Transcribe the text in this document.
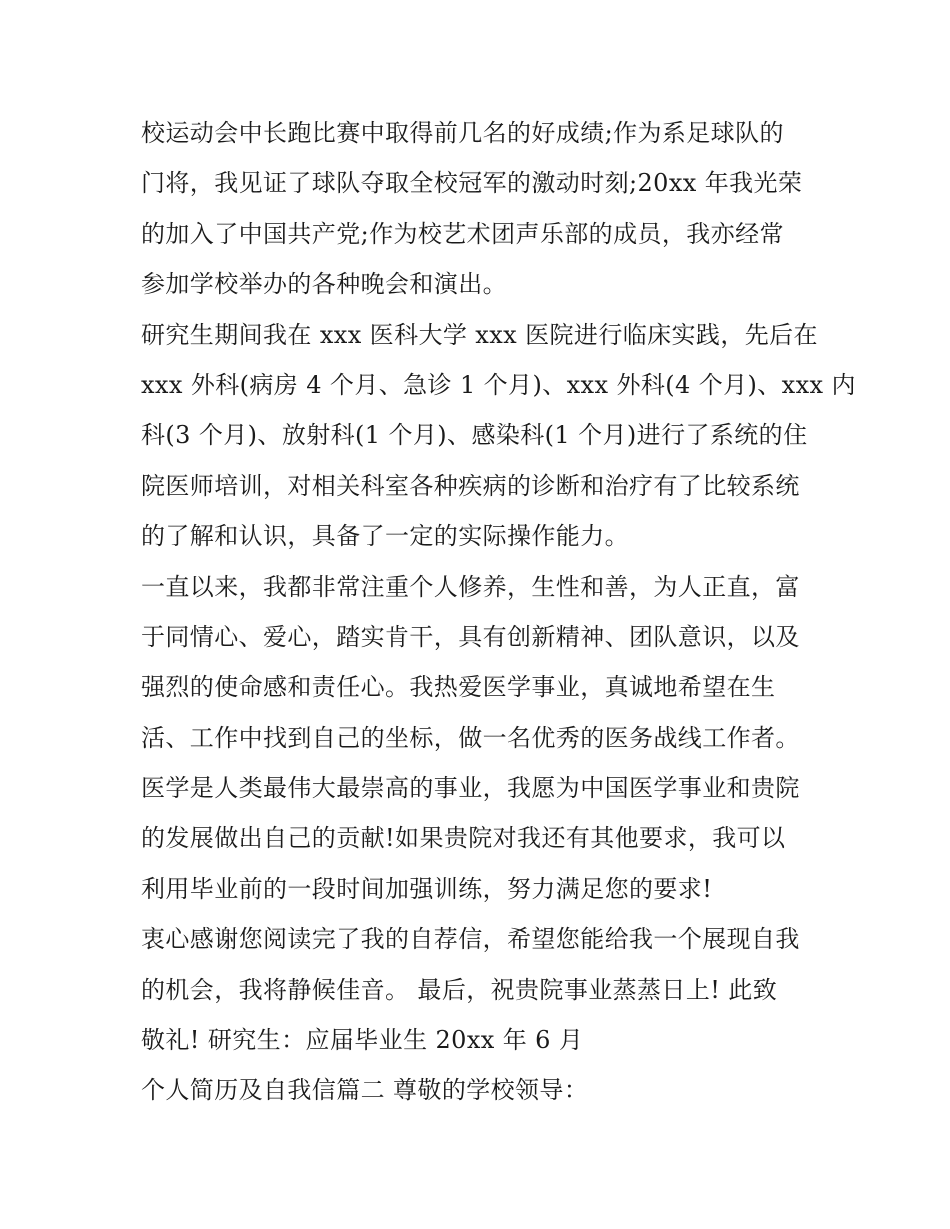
校运动会中长跑比赛中取得前几名的好成绩;作为系足球队的
门将，我见证了球队夺取全校冠军的激动时刻;20xx 年我光荣
的加入了中国共产党;作为校艺术团声乐部的成员，我亦经常
参加学校举办的各种晚会和演出。
研究生期间我在 xxx 医科大学 xxx 医院进行临床实践，先后在
xxx 外科(病房 4 个月、急诊 1 个月)、xxx 外科(4 个月)、xxx 内
科(3 个月)、放射科(1 个月)、感染科(1 个月)进行了系统的住
院医师培训，对相关科室各种疾病的诊断和治疗有了比较系统
的了解和认识，具备了一定的实际操作能力。
一直以来，我都非常注重个人修养，生性和善，为人正直，富
于同情心、爱心，踏实肯干，具有创新精神、团队意识，以及
强烈的使命感和责任心。我热爱医学事业，真诚地希望在生
活、工作中找到自己的坐标，做一名优秀的医务战线工作者。
医学是人类最伟大最崇高的事业，我愿为中国医学事业和贵院
的发展做出自己的贡献!如果贵院对我还有其他要求，我可以
利用毕业前的一段时间加强训练，努力满足您的要求!
衷心感谢您阅读完了我的自荐信，希望您能给我一个展现自我
的机会，我将静候佳音。 最后，祝贵院事业蒸蒸日上! 此致
敬礼! 研究生：应届毕业生 20xx 年 6 月
个人简历及自我信篇二 尊敬的学校领导：
